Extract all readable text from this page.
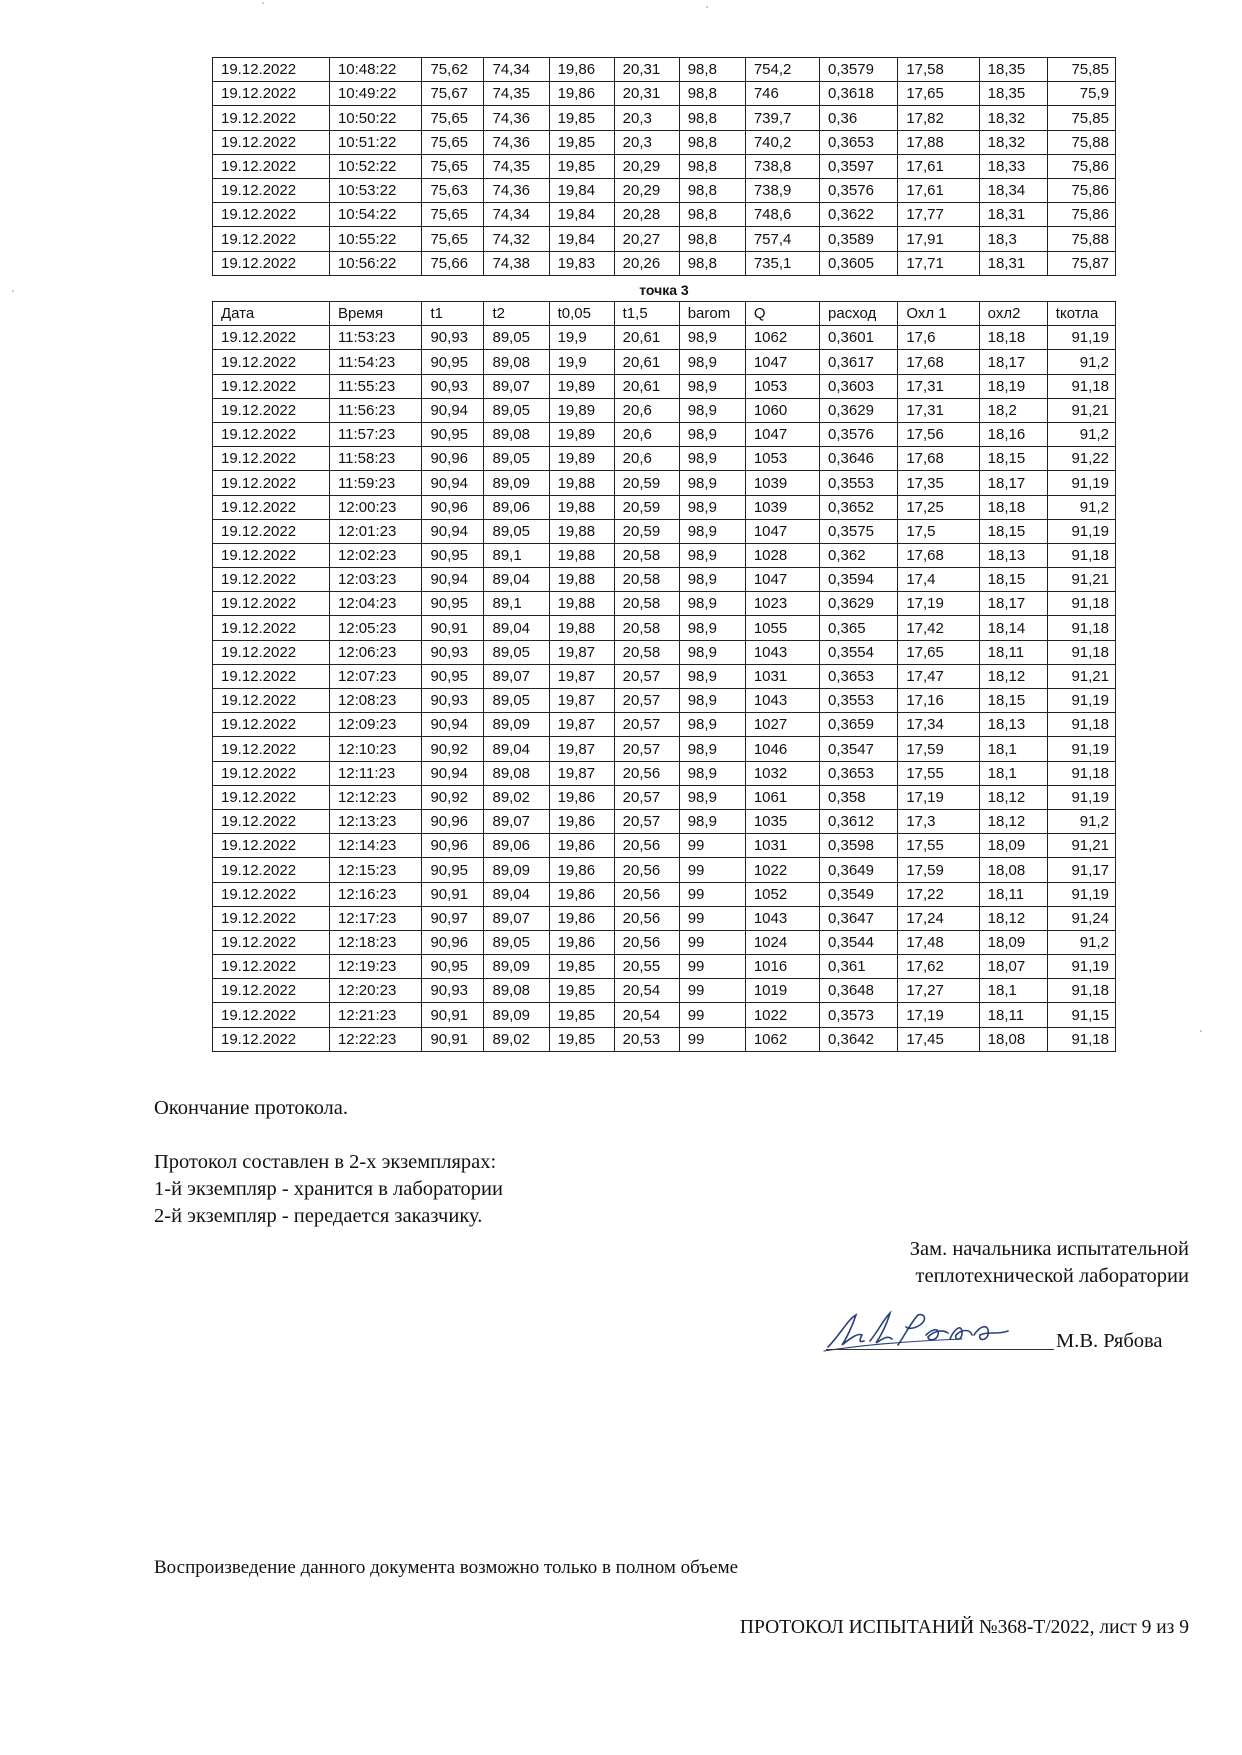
19.12.2022	10:48:22	75,62	74,34	19,86	20,31	98,8	754,2	0,3579	17,58	18,35	75,85
19.12.2022	10:49:22	75,67	74,35	19,86	20,31	98,8	746	0,3618	17,65	18,35	75,9
19.12.2022	10:50:22	75,65	74,36	19,85	20,3	98,8	739,7	0,36	17,82	18,32	75,85
19.12.2022	10:51:22	75,65	74,36	19,85	20,3	98,8	740,2	0,3653	17,88	18,32	75,88
19.12.2022	10:52:22	75,65	74,35	19,85	20,29	98,8	738,8	0,3597	17,61	18,33	75,86
19.12.2022	10:53:22	75,63	74,36	19,84	20,29	98,8	738,9	0,3576	17,61	18,34	75,86
19.12.2022	10:54:22	75,65	74,34	19,84	20,28	98,8	748,6	0,3622	17,77	18,31	75,86
19.12.2022	10:55:22	75,65	74,32	19,84	20,27	98,8	757,4	0,3589	17,91	18,3	75,88
19.12.2022	10:56:22	75,66	74,38	19,83	20,26	98,8	735,1	0,3605	17,71	18,31	75,87
точка 3
Дата	Время	t1	t2	t0,05	t1,5	barom	Q	расход	Охл 1	охл2	tкотла
19.12.2022	11:53:23	90,93	89,05	19,9	20,61	98,9	1062	0,3601	17,6	18,18	91,19
19.12.2022	11:54:23	90,95	89,08	19,9	20,61	98,9	1047	0,3617	17,68	18,17	91,2
19.12.2022	11:55:23	90,93	89,07	19,89	20,61	98,9	1053	0,3603	17,31	18,19	91,18
19.12.2022	11:56:23	90,94	89,05	19,89	20,6	98,9	1060	0,3629	17,31	18,2	91,21
19.12.2022	11:57:23	90,95	89,08	19,89	20,6	98,9	1047	0,3576	17,56	18,16	91,2
19.12.2022	11:58:23	90,96	89,05	19,89	20,6	98,9	1053	0,3646	17,68	18,15	91,22
19.12.2022	11:59:23	90,94	89,09	19,88	20,59	98,9	1039	0,3553	17,35	18,17	91,19
19.12.2022	12:00:23	90,96	89,06	19,88	20,59	98,9	1039	0,3652	17,25	18,18	91,2
19.12.2022	12:01:23	90,94	89,05	19,88	20,59	98,9	1047	0,3575	17,5	18,15	91,19
19.12.2022	12:02:23	90,95	89,1	19,88	20,58	98,9	1028	0,362	17,68	18,13	91,18
19.12.2022	12:03:23	90,94	89,04	19,88	20,58	98,9	1047	0,3594	17,4	18,15	91,21
19.12.2022	12:04:23	90,95	89,1	19,88	20,58	98,9	1023	0,3629	17,19	18,17	91,18
19.12.2022	12:05:23	90,91	89,04	19,88	20,58	98,9	1055	0,365	17,42	18,14	91,18
19.12.2022	12:06:23	90,93	89,05	19,87	20,58	98,9	1043	0,3554	17,65	18,11	91,18
19.12.2022	12:07:23	90,95	89,07	19,87	20,57	98,9	1031	0,3653	17,47	18,12	91,21
19.12.2022	12:08:23	90,93	89,05	19,87	20,57	98,9	1043	0,3553	17,16	18,15	91,19
19.12.2022	12:09:23	90,94	89,09	19,87	20,57	98,9	1027	0,3659	17,34	18,13	91,18
19.12.2022	12:10:23	90,92	89,04	19,87	20,57	98,9	1046	0,3547	17,59	18,1	91,19
19.12.2022	12:11:23	90,94	89,08	19,87	20,56	98,9	1032	0,3653	17,55	18,1	91,18
19.12.2022	12:12:23	90,92	89,02	19,86	20,57	98,9	1061	0,358	17,19	18,12	91,19
19.12.2022	12:13:23	90,96	89,07	19,86	20,57	98,9	1035	0,3612	17,3	18,12	91,2
19.12.2022	12:14:23	90,96	89,06	19,86	20,56	99	1031	0,3598	17,55	18,09	91,21
19.12.2022	12:15:23	90,95	89,09	19,86	20,56	99	1022	0,3649	17,59	18,08	91,17
19.12.2022	12:16:23	90,91	89,04	19,86	20,56	99	1052	0,3549	17,22	18,11	91,19
19.12.2022	12:17:23	90,97	89,07	19,86	20,56	99	1043	0,3647	17,24	18,12	91,24
19.12.2022	12:18:23	90,96	89,05	19,86	20,56	99	1024	0,3544	17,48	18,09	91,2
19.12.2022	12:19:23	90,95	89,09	19,85	20,55	99	1016	0,361	17,62	18,07	91,19
19.12.2022	12:20:23	90,93	89,08	19,85	20,54	99	1019	0,3648	17,27	18,1	91,18
19.12.2022	12:21:23	90,91	89,09	19,85	20,54	99	1022	0,3573	17,19	18,11	91,15
19.12.2022	12:22:23	90,91	89,02	19,85	20,53	99	1062	0,3642	17,45	18,08	91,18
Окончание протокола.
Протокол составлен в 2-х экземплярах:
1-й экземпляр - хранится в лаборатории
2-й экземпляр - передается заказчику.
Зам. начальника испытательной
теплотехнической лаборатории
М.В. Рябова
Воспроизведение данного документа возможно только в полном объеме
ПРОТОКОЛ ИСПЫТАНИЙ №368-Т/2022, лист 9 из 9
